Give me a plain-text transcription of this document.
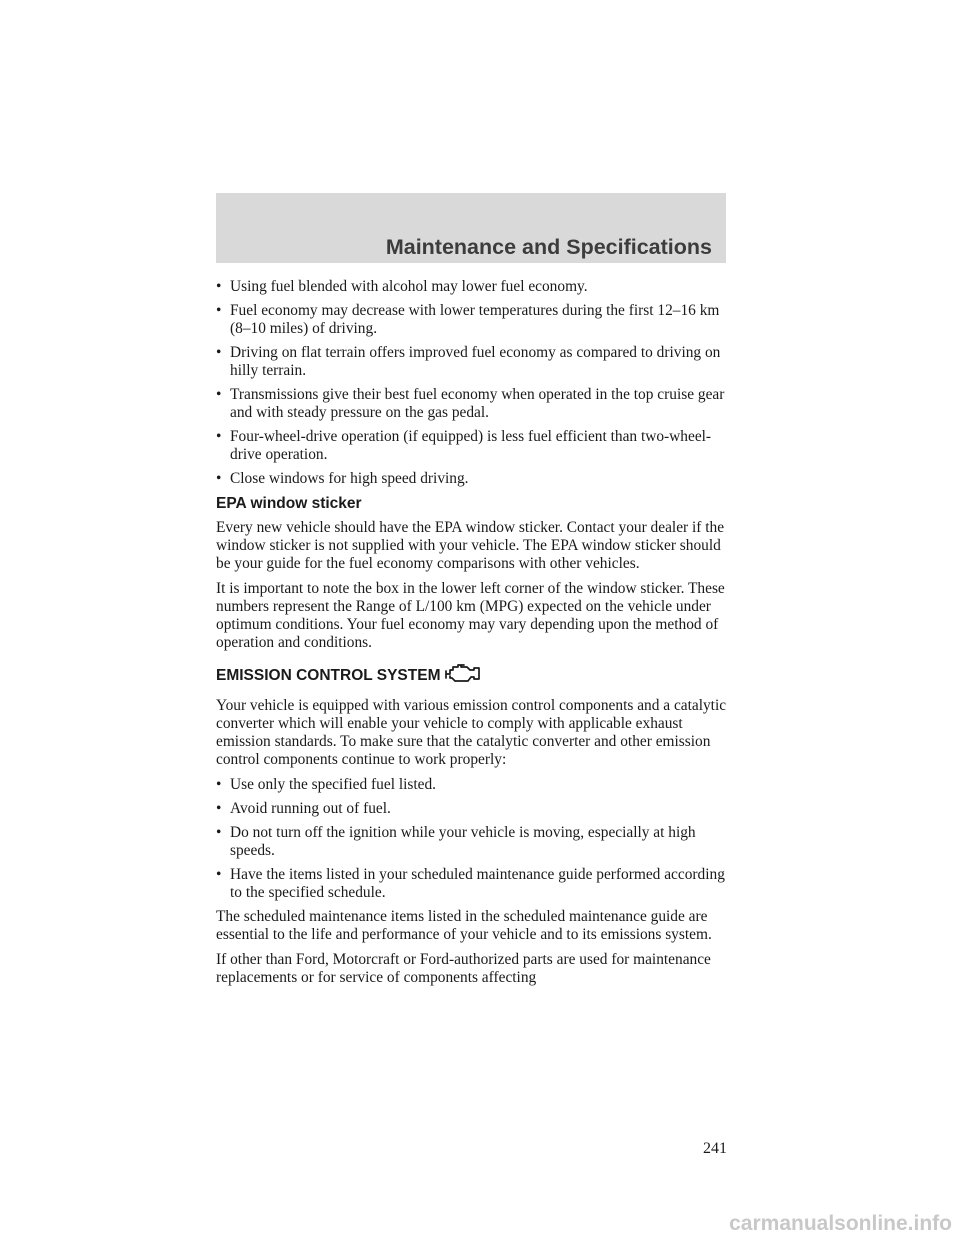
Maintenance and Specifications
• Using fuel blended with alcohol may lower fuel economy.
• Fuel economy may decrease with lower temperatures during the first 12–16 km (8–10 miles) of driving.
• Driving on flat terrain offers improved fuel economy as compared to driving on hilly terrain.
• Transmissions give their best fuel economy when operated in the top cruise gear and with steady pressure on the gas pedal.
• Four-wheel-drive operation (if equipped) is less fuel efficient than two-wheel-drive operation.
• Close windows for high speed driving.
EPA window sticker

Every new vehicle should have the EPA window sticker. Contact your dealer if the window sticker is not supplied with your vehicle. The EPA window sticker should be your guide for the fuel economy comparisons with other vehicles.

It is important to note the box in the lower left corner of the window sticker. These numbers represent the Range of L/100 km (MPG) expected on the vehicle under optimum conditions. Your fuel economy may vary depending upon the method of operation and conditions.

EMISSION CONTROL SYSTEM

Your vehicle is equipped with various emission control components and a catalytic converter which will enable your vehicle to comply with applicable exhaust emission standards. To make sure that the catalytic converter and other emission control components continue to work properly:

• Use only the specified fuel listed.
• Avoid running out of fuel.
• Do not turn off the ignition while your vehicle is moving, especially at high speeds.
• Have the items listed in your scheduled maintenance guide performed according to the specified schedule.

The scheduled maintenance items listed in the scheduled maintenance guide are essential to the life and performance of your vehicle and to its emissions system.

If other than Ford, Motorcraft or Ford-authorized parts are used for maintenance replacements or for service of components affecting

241
carmanualsonline.info
